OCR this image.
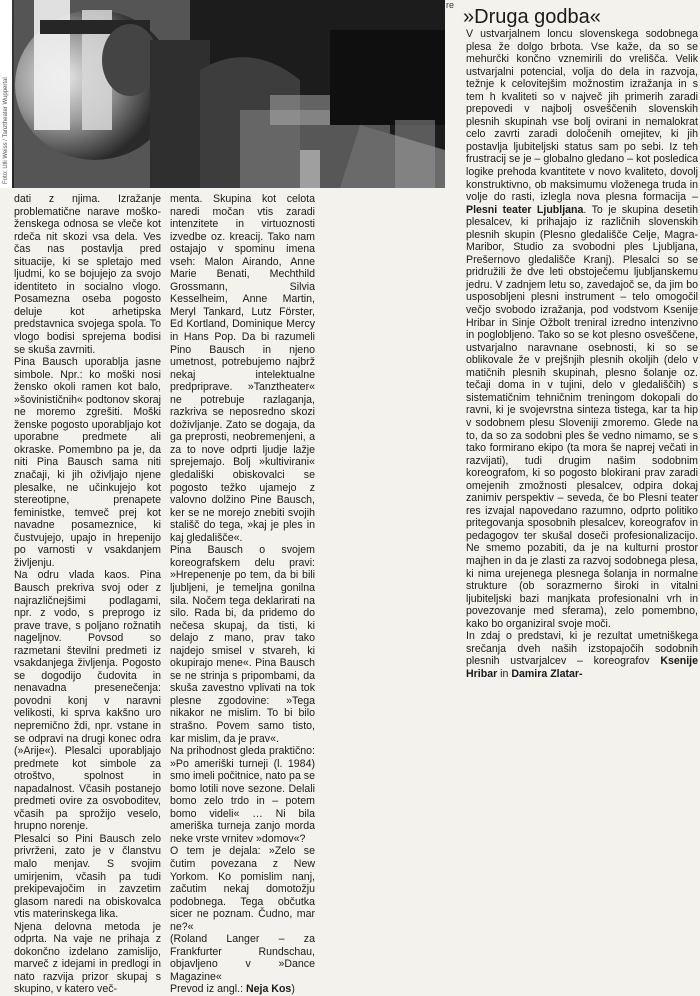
Foto: Ulli Weiss / Tanztheater Wuppertal
re
»Druga godba«

dati z njima. Izražanje problematične narave moško-ženskega odnosa se vleče kot rdeča nit skozi vsa dela. Ves čas nas postavlja pred situacije, ki se spletajo med ljudmi, ko se bojujejo za svojo identiteto in socialno vlogo. Posamezna oseba pogosto deluje kot arhetipska predstavnica svojega spola. To vlogo bodisi sprejema bodisi se skuša zavrniti.

Pina Bausch uporablja jasne simbole. Npr.: ko moški nosi žensko okoli ramen kot balo, »šovinističnih« podtonov skoraj ne moremo zgrešiti. Moški ženske pogosto uporabljajo kot uporabne predmete ali okraske. Pomembno pa je, da niti Pina Bausch sama niti značaji, ki jih oživljajo njene plesalke, ne učinkujejo kot stereotipne, prenapete feministke, temveč prej kot navadne posameznice, ki čustvujejo, upajo in hrepenijo po varnosti v vsakdanjem življenju.

Na odru vlada kaos. Pina Bausch prekriva svoj oder z najrazličnejšimi podlagami, npr. z vodo, s preprogo iz prave trave, s poljano rožnatih nageljnov. Povsod so razmetani številni predmeti iz vsakdanjega življenja. Pogosto se dogodijo čudovita in nenavadna presenečenja: povodni konj v naravni velikosti, ki sprva kakšno uro nepremično ždi, npr. vstane in se odpravi na drugi konec odra (»Arije«). Plesalci uporabljajo predmete kot simbole za otroštvo, spolnost in napadalnost. Včasih postanejo predmeti ovire za osvoboditev, včasih pa sprožijo veselo, hrupno norenje.

Plesalci so Pini Bausch zelo privrženi, zato je v članstvu malo menjav. S svojim umirjenim, včasih pa tudi prekipevajočim in zavzetim glasom naredi na obiskovalca vtis materinskega lika.

Njena delovna metoda je odprta. Na vaje ne prihaja z dokončno izdelano zamislijo, marveč z idejami in predlogi in nato razvija prizor skupaj s skupino, v katero več-

menta. Skupina kot celota naredi močan vtis zaradi intenzitete in virtuoznosti izvedbe oz. kreacij. Tako nam ostajajo v spominu imena vseh: Malon Airando, Anne Marie Benati, Mechthild Grossmann, Silvia Kesselheim, Anne Martin, Meryl Tankard, Lutz Förster, Ed Kortland, Dominique Mercy in Hans Pop. Da bi razumeli Pino Bausch in njeno umetnost, potrebujemo najbrž nekaj intelektualne predpriprave. »Tanztheater« ne potrebuje razlaganja, razkriva se neposredno skozi doživljanje. Zato se dogaja, da ga preprosti, neobremenjeni, a za to nove odprti ljudje lažje sprejemajo. Bolj »kultivirani« gledališki obiskovalci se pogosto težko ujamejo z valovno dolžino Pine Bausch, ker se ne morejo znebiti svojih stališč do tega, »kaj je ples in kaj gledališče«.

Pina Bausch o svojem koreografskem delu pravi: »Hrepenenje po tem, da bi bili ljubljeni, je temeljna gonilna sila. Nočem tega deklarirati na silo. Rada bi, da pridemo do nečesa skupaj, da tisti, ki delajo z mano, prav tako najdejo smisel v stvareh, ki okupirajo mene«. Pina Bausch se ne strinja s pripombami, da skuša zavestno vplivati na tok plesne zgodovine: »Tega nikakor ne mislim. To bi bilo strašno. Povem samo tisto, kar mislim, da je prav«.

Na prihodnost gleda praktično: »Po ameriški turneji (l. 1984) smo imeli počitnice, nato pa se bomo lotili nove sezone. Delali bomo zelo trdo in – potem bomo videli« … Ni bila ameriška turneja zanjo morda neke vrste vrnitev »domov«?

O tem je dejala: »Zelo se čutim povezana z New Yorkom. Ko pomislim nanj, začutim nekaj domotožju podobnega. Tega občutka sicer ne poznam. Čudno, mar ne?«

(Roland Langer – za Frankfurter Rundschau, objavljeno v »Dance Magazine«

Prevod iz angl.: Neja Kos)

V ustvarjalnem loncu slovenskega sodobnega plesa že dolgo brbota. Vse kaže, da so se mehurčki končno vznemirili do vrelišča. Velik ustvarjalni potencial, volja do dela in razvoja, težnje k celovitejšim možnostim izražanja in s tem h kvaliteti so v največ jih primerih zaradi prepovedi v najbolj osveščenih slovenskih plesnih skupinah vse bolj ovirani in nemalokrat celo zavrti zaradi določenih omejitev, ki jih postavlja ljubiteljski status sam po sebi. Iz teh frustracij se je – globalno gledano – kot posledica logike prehoda kvantitete v novo kvaliteto, dovolj konstruktivno, ob maksimumu vloženega truda in volje do rasti, izlegla nova plesna formacija – Plesni teater Ljubljana. To je skupina desetih plesalcev, ki prihajajo iz različnih slovenskih plesnih skupin (Plesno gledališče Celje, Magra-Maribor, Studio za svobodni ples Ljubljana, Prešernovo gledališče Kranj). Plesalci so se pridružili že dve leti obstoječemu ljubljanskemu jedru. V zadnjem letu so, zavedajoč se, da jim bo usposobljeni plesni instrument – telo omogočil večjo svobodo izražanja, pod vodstvom Ksenije Hribar in Sinje Ožbolt treniral izredno intenzivno in poglobljeno. Tako so se kot plesno osveščene, ustvarjalno naravnane osebnosti, ki so se oblikovale že v prejšnjih plesnih okoljih (delo v matičnih plesnih skupinah, plesno šolanje oz. tečaji doma in v tujini, delo v gledališčih) s sistematičnim tehničnim treningom dokopali do ravni, ki je svojevrstna sinteza tistega, kar ta hip v sodobnem plesu Sloveniji zmoremo. Glede na to, da so za sodobni ples še vedno nimamo, se s tako formirano ekipo (ta mora še naprej večati in razvijati), tudi drugim našim sodobnim koreografom, ki so pogosto blokirani prav zaradi omejenih zmožnosti plesalcev, odpira dokaj zanimiv perspektiv – seveda, če bo Plesni teater res izvajal napovedano razumno, odprto politiko pritegovanja sposobnih plesalcev, koreografov in pedagogov ter skušal doseči profesionalizacijo. Ne smemo pozabiti, da je na kulturni prostor majhen in da je zlasti za razvoj sodobnega plesa, ki nima urejenega plesnega šolanja in normalne strukture (ob sorazmerno široki in vitalni ljubiteljski bazi manjkata profesionalni vrh in povezovanje med sferama), zelo pomembno, kako bo organiziral svoje moči.

In zdaj o predstavi, ki je rezultat umetniškega srečanja dveh naših izstopajočih sodobnih plesnih ustvarjalcev – koreografov Ksenije Hribar in Damira Zlatar-
